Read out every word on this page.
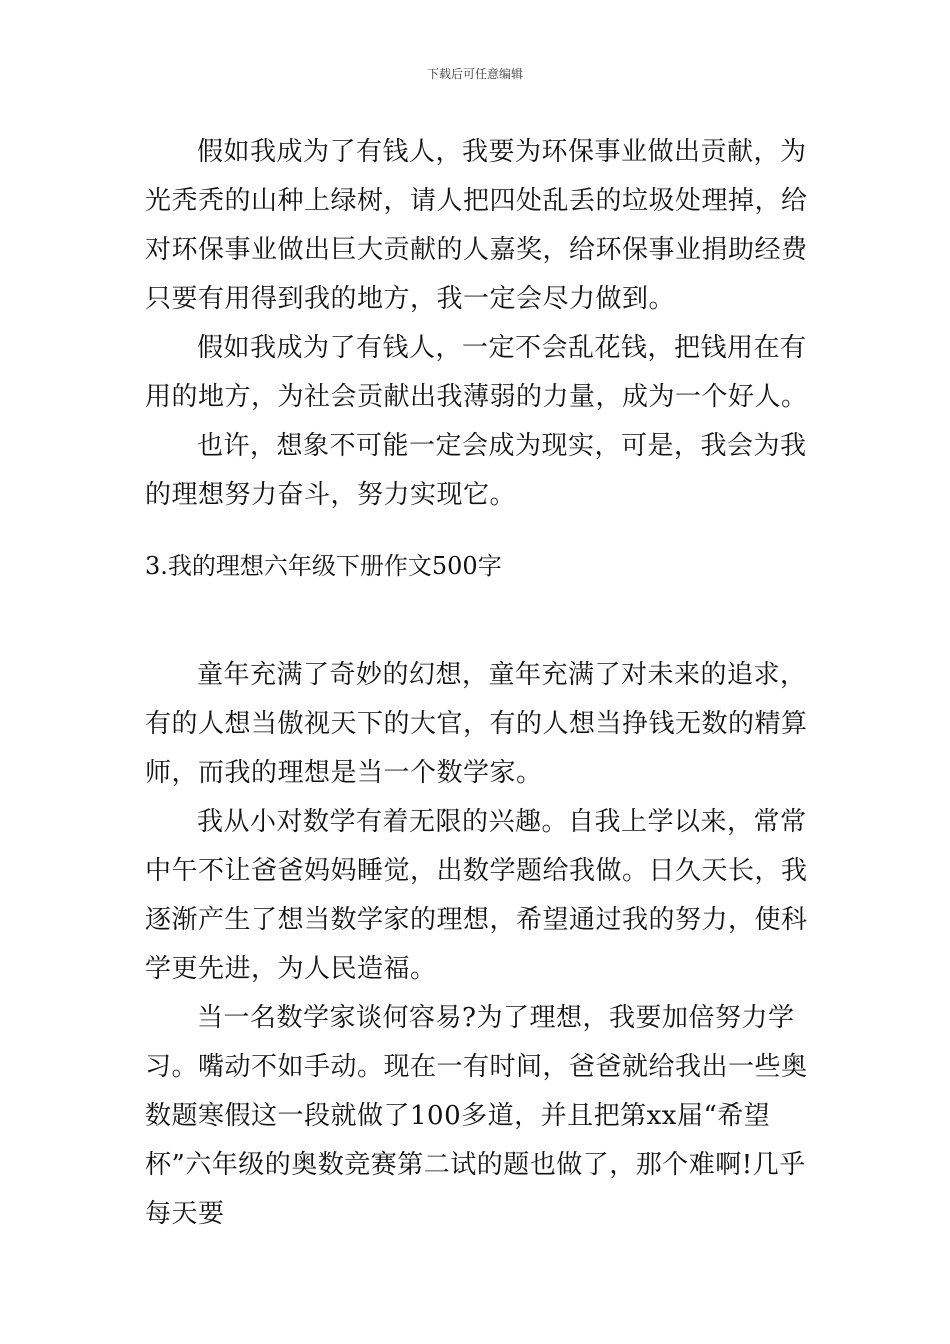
下载后可任意编辑

假如我成为了有钱人，我要为环保事业做出贡献，为光秃秃的山种上绿树，请人把四处乱丢的垃圾处理掉，给对环保事业做出巨大贡献的人嘉奖，给环保事业捐助经费只要有用得到我的地方，我一定会尽力做到。

假如我成为了有钱人，一定不会乱花钱，把钱用在有用的地方，为社会贡献出我薄弱的力量，成为一个好人。

也许，想象不可能一定会成为现实，可是，我会为我的理想努力奋斗，努力实现它。

3.我的理想六年级下册作文500字

童年充满了奇妙的幻想，童年充满了对未来的追求，有的人想当傲视天下的大官，有的人想当挣钱无数的精算师，而我的理想是当一个数学家。

我从小对数学有着无限的兴趣。自我上学以来，常常中午不让爸爸妈妈睡觉，出数学题给我做。日久天长，我逐渐产生了想当数学家的理想，希望通过我的努力，使科学更先进，为人民造福。

当一名数学家谈何容易?为了理想，我要加倍努力学习。嘴动不如手动。现在一有时间，爸爸就给我出一些奥数题寒假这一段就做了100多道，并且把第xx届“希望杯”六年级的奥数竞赛第二试的题也做了，那个难啊!几乎每天要
